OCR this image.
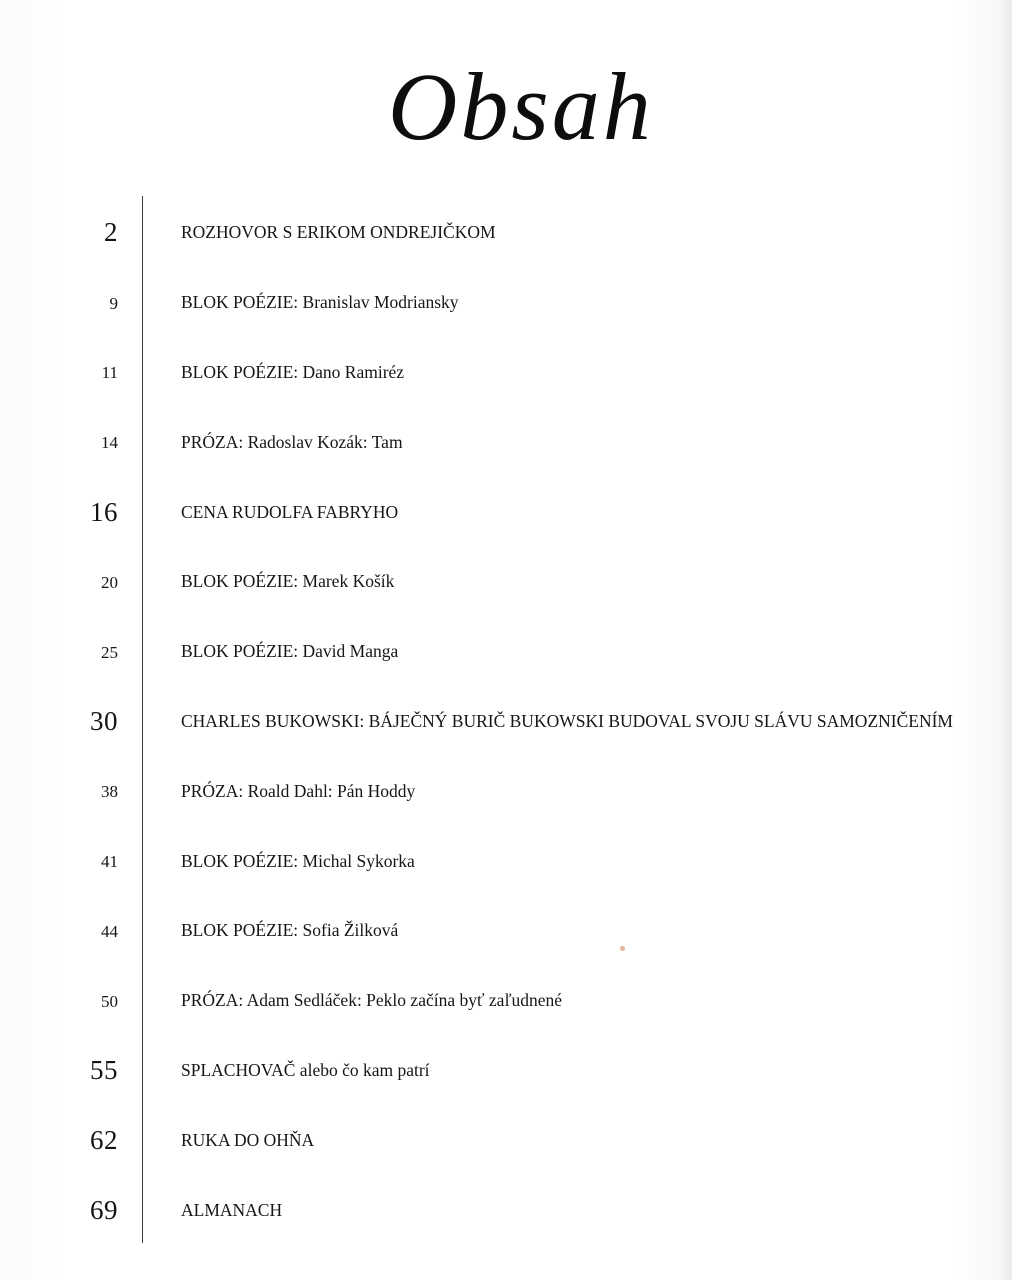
Obsah
2	ROZHOVOR S ERIKOM ONDREJIČKOM
9	BLOK POÉZIE: Branislav Modriansky
11	BLOK POÉZIE: Dano Ramiréz
14	PRÓZA: Radoslav Kozák: Tam
16	CENA RUDOLFA FABRYHO
20	BLOK POÉZIE: Marek Košík
25	BLOK POÉZIE: David Manga
30	CHARLES BUKOWSKI: BÁJEČNÝ BURIČ BUKOWSKI BUDOVAL SVOJU SLÁVU SAMOZNIČENÍM
38	PRÓZA: Roald Dahl: Pán Hoddy
41	BLOK POÉZIE: Michal Sykorka
44	BLOK POÉZIE: Sofia Žilková
50	PRÓZA: Adam Sedláček: Peklo začína byť zaľudnené
55	SPLACHOVAČ alebo čo kam patrí
62	RUKA DO OHŇA
69	ALMANACH
